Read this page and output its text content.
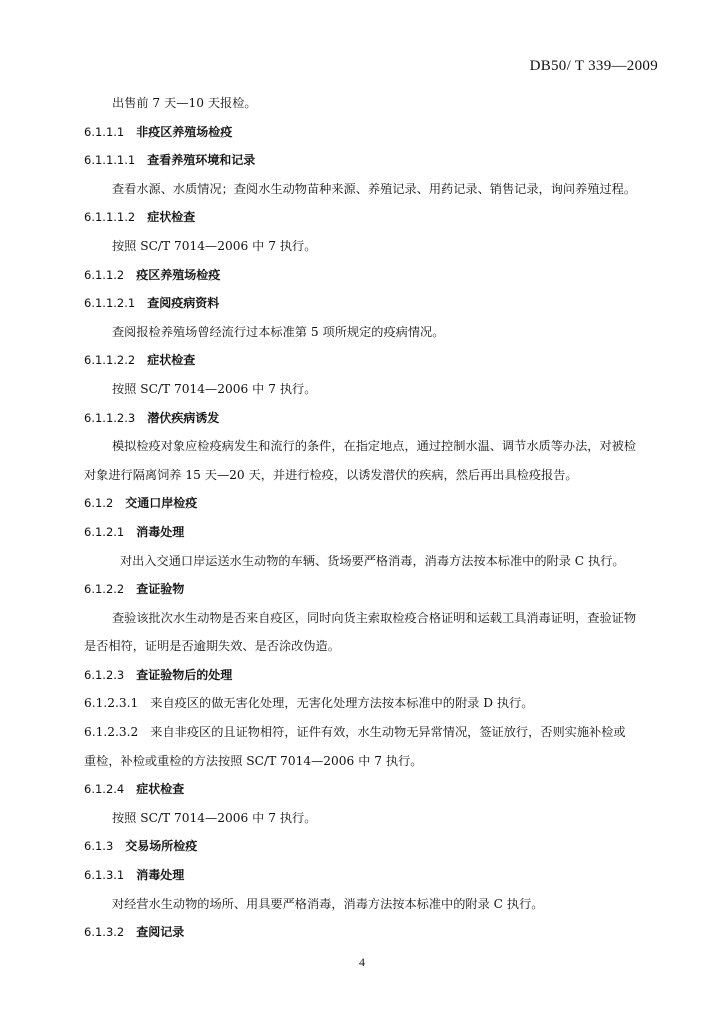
DB50/ T 339—2009
出售前 7 天—10 天报检。
6.1.1.1 非疫区养殖场检疫
6.1.1.1.1 查看养殖环境和记录
查看水源、水质情况；查阅水生动物苗种来源、养殖记录、用药记录、销售记录，询问养殖过程。
6.1.1.1.2 症状检查
按照 SC/T 7014—2006 中 7 执行。
6.1.1.2 疫区养殖场检疫
6.1.1.2.1 查阅疫病资料
查阅报检养殖场曾经流行过本标准第 5 项所规定的疫病情况。
6.1.1.2.2 症状检查
按照 SC/T 7014—2006 中 7 执行。
6.1.1.2.3 潜伏疾病诱发
模拟检疫对象应检疫病发生和流行的条件，在指定地点，通过控制水温、调节水质等办法，对被检
对象进行隔离饲养 15 天—20 天，并进行检疫，以诱发潜伏的疾病，然后再出具检疫报告。
6.1.2 交通口岸检疫
6.1.2.1 消毒处理
对出入交通口岸运送水生动物的车辆、货场要严格消毒，消毒方法按本标准中的附录 C 执行。
6.1.2.2 查证验物
查验该批次水生动物是否来自疫区，同时向货主索取检疫合格证明和运载工具消毒证明，查验证物
是否相符，证明是否逾期失效、是否涂改伪造。
6.1.2.3 查证验物后的处理
6.1.2.3.1 来自疫区的做无害化处理，无害化处理方法按本标准中的附录 D 执行。
6.1.2.3.2 来自非疫区的且证物相符，证件有效，水生动物无异常情况，签证放行，否则实施补检或
重检，补检或重检的方法按照 SC/T 7014—2006 中 7 执行。
6.1.2.4 症状检查
按照 SC/T 7014—2006 中 7 执行。
6.1.3 交易场所检疫
6.1.3.1 消毒处理
对经营水生动物的场所、用具要严格消毒，消毒方法按本标准中的附录 C 执行。
6.1.3.2 查阅记录
4
